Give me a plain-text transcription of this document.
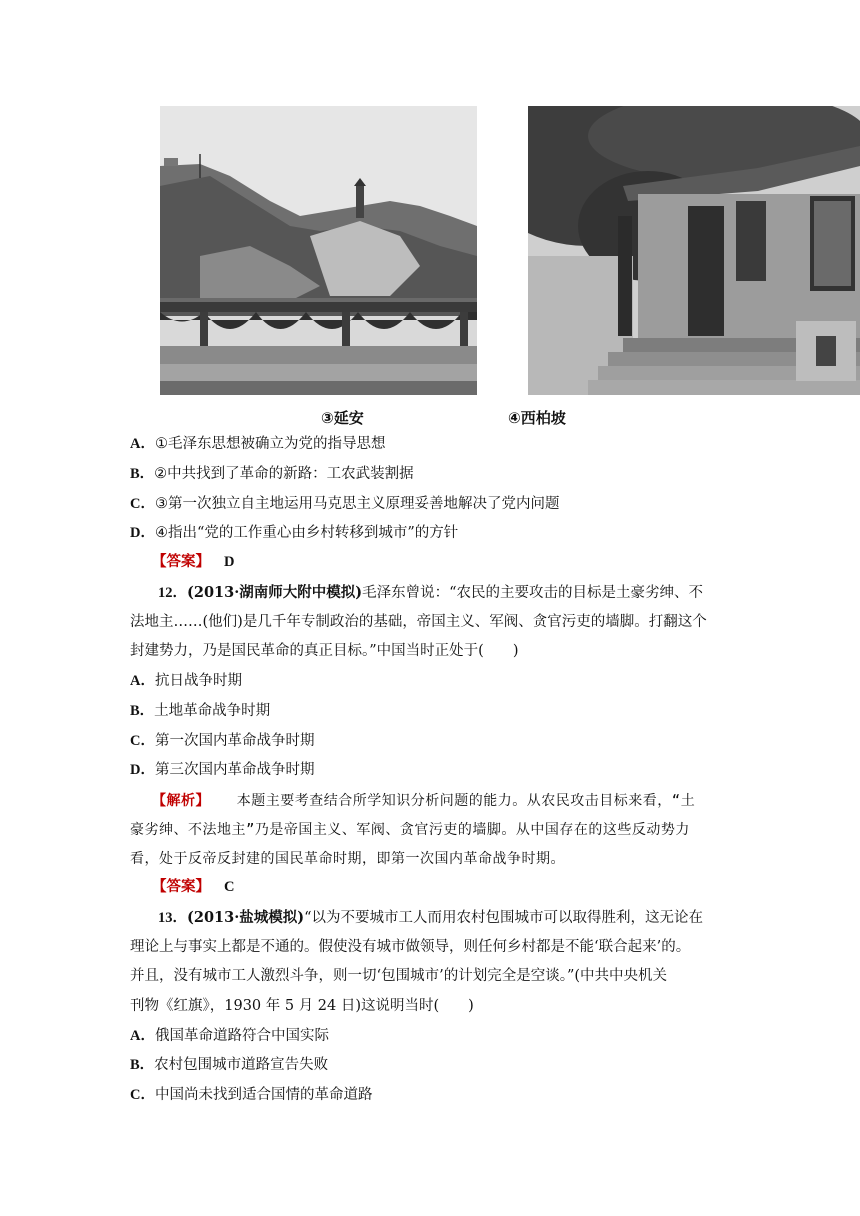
③延安	④西柏坡
A．①毛泽东思想被确立为党的指导思想
B．②中共找到了革命的新路：工农武装割据
C．③第一次独立自主地运用马克思主义原理妥善地解决了党内问题
D．④指出“党的工作重心由乡村转移到城市”的方针
【答案】 D
12．(2013·湖南师大附中模拟)毛泽东曾说：“农民的主要攻击的目标是土豪劣绅、不
法地主……(他们)是几千年专制政治的基础，帝国主义、军阀、贪官污吏的墙脚。打翻这个
封建势力，乃是国民革命的真正目标。”中国当时正处于(　　)
A．抗日战争时期
B．土地革命战争时期
C．第一次国内革命战争时期
D．第三次国内革命战争时期
【解析】 本题主要考查结合所学知识分析问题的能力。从农民攻击目标来看，“土
豪劣绅、不法地主”乃是帝国主义、军阀、贪官污吏的墙脚。从中国存在的这些反动势力
看，处于反帝反封建的国民革命时期，即第一次国内革命战争时期。
【答案】 C
13．(2013·盐城模拟)“以为不要城市工人而用农村包围城市可以取得胜利，这无论在
理论上与事实上都是不通的。假使没有城市做领导，则任何乡村都是不能‘联合起来’的。
并且，没有城市工人激烈斗争，则一切‘包围城市’的计划完全是空谈。”(中共中央机关
刊物《红旗》，1930 年 5 月 24 日)这说明当时(　　)
A．俄国革命道路符合中国实际
B．农村包围城市道路宣告失败
C．中国尚未找到适合国情的革命道路
